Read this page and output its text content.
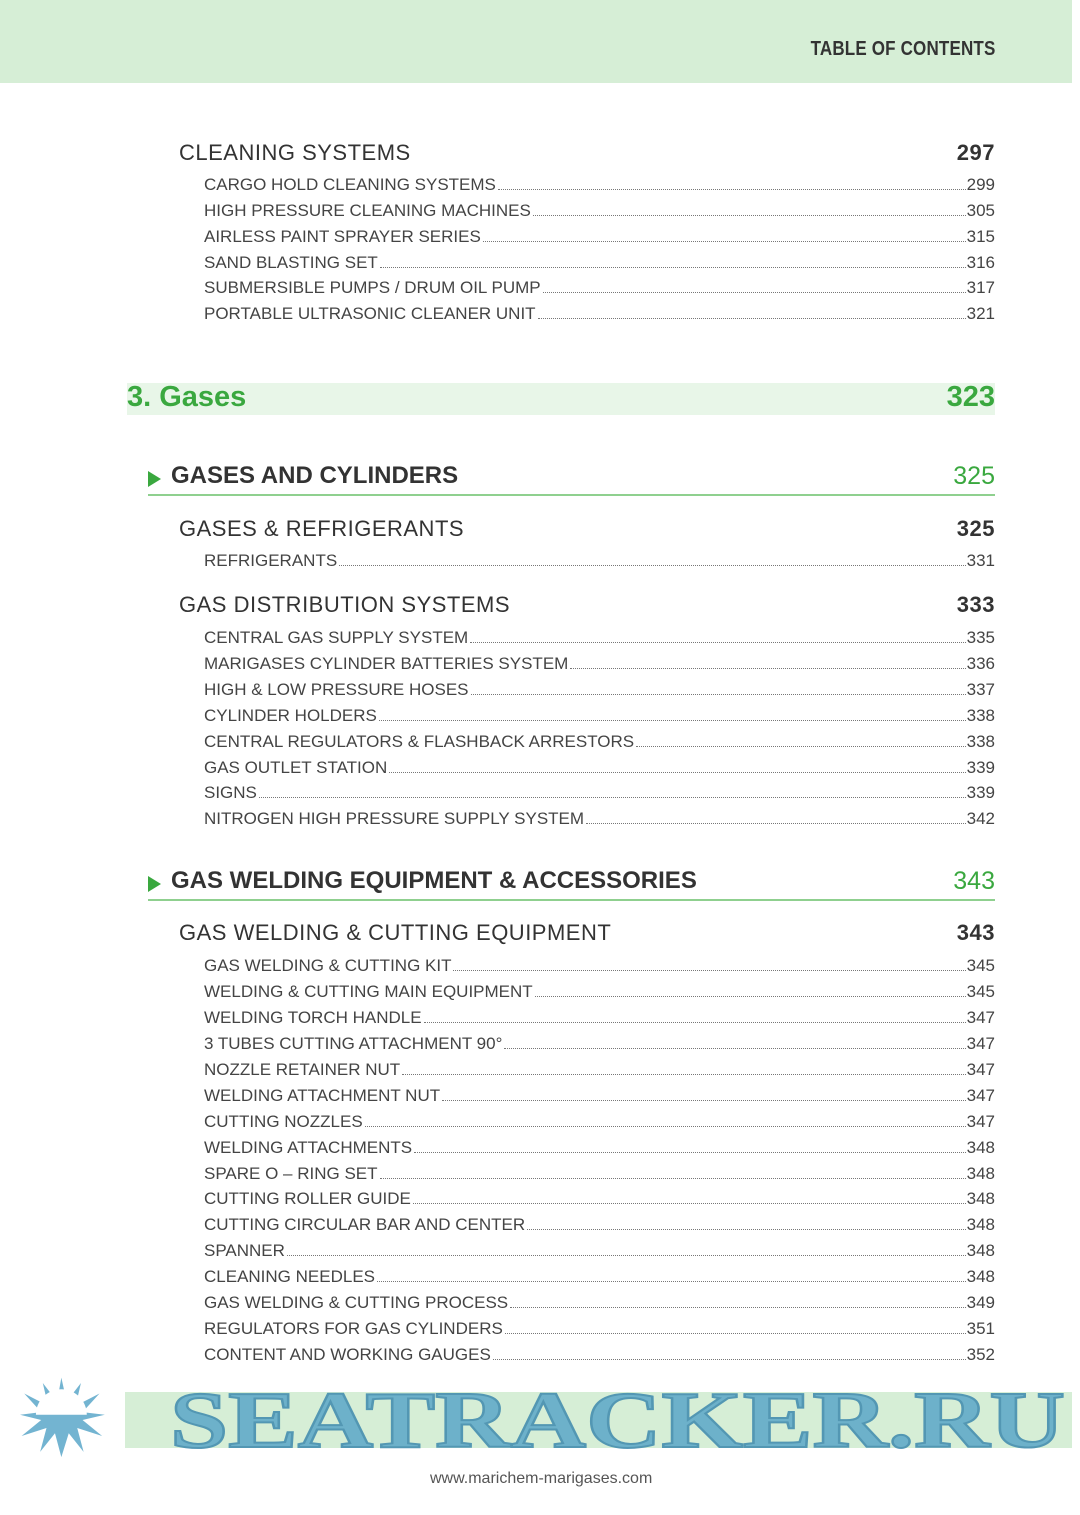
TABLE OF CONTENTS
CLEANING SYSTEMS	297
CARGO HOLD CLEANING SYSTEMS	299
HIGH PRESSURE CLEANING MACHINES	305
AIRLESS PAINT SPRAYER SERIES	315
SAND BLASTING SET	316
SUBMERSIBLE PUMPS / DRUM OIL PUMP	317
PORTABLE ULTRASONIC CLEANER UNIT	321
3. Gases	323
GASES AND CYLINDERS	325
GASES & REFRIGERANTS	325
REFRIGERANTS	331
GAS DISTRIBUTION SYSTEMS	333
CENTRAL GAS SUPPLY SYSTEM	335
MARIGASES CYLINDER BATTERIES SYSTEM	336
HIGH & LOW PRESSURE HOSES	337
CYLINDER HOLDERS	338
CENTRAL REGULATORS & FLASHBACK ARRESTORS	338
GAS OUTLET STATION	339
SIGNS	339
NITROGEN HIGH PRESSURE SUPPLY SYSTEM	342
GAS WELDING EQUIPMENT & ACCESSORIES	343
GAS WELDING & CUTTING EQUIPMENT	343
GAS WELDING & CUTTING KIT	345
WELDING & CUTTING MAIN EQUIPMENT	345
WELDING TORCH HANDLE	347
3 TUBES CUTTING ATTACHMENT 90°	347
NOZZLE RETAINER NUT	347
WELDING ATTACHMENT NUT	347
CUTTING NOZZLES	347
WELDING ATTACHMENTS	348
SPARE O – RING SET	348
CUTTING ROLLER GUIDE	348
CUTTING CIRCULAR BAR AND CENTER	348
SPANNER	348
CLEANING NEEDLES	348
GAS WELDING & CUTTING PROCESS	349
REGULATORS FOR GAS CYLINDERS	351
CONTENT AND WORKING GAUGES	352
SEATRACKER.RU
www.marichem-marigases.com
